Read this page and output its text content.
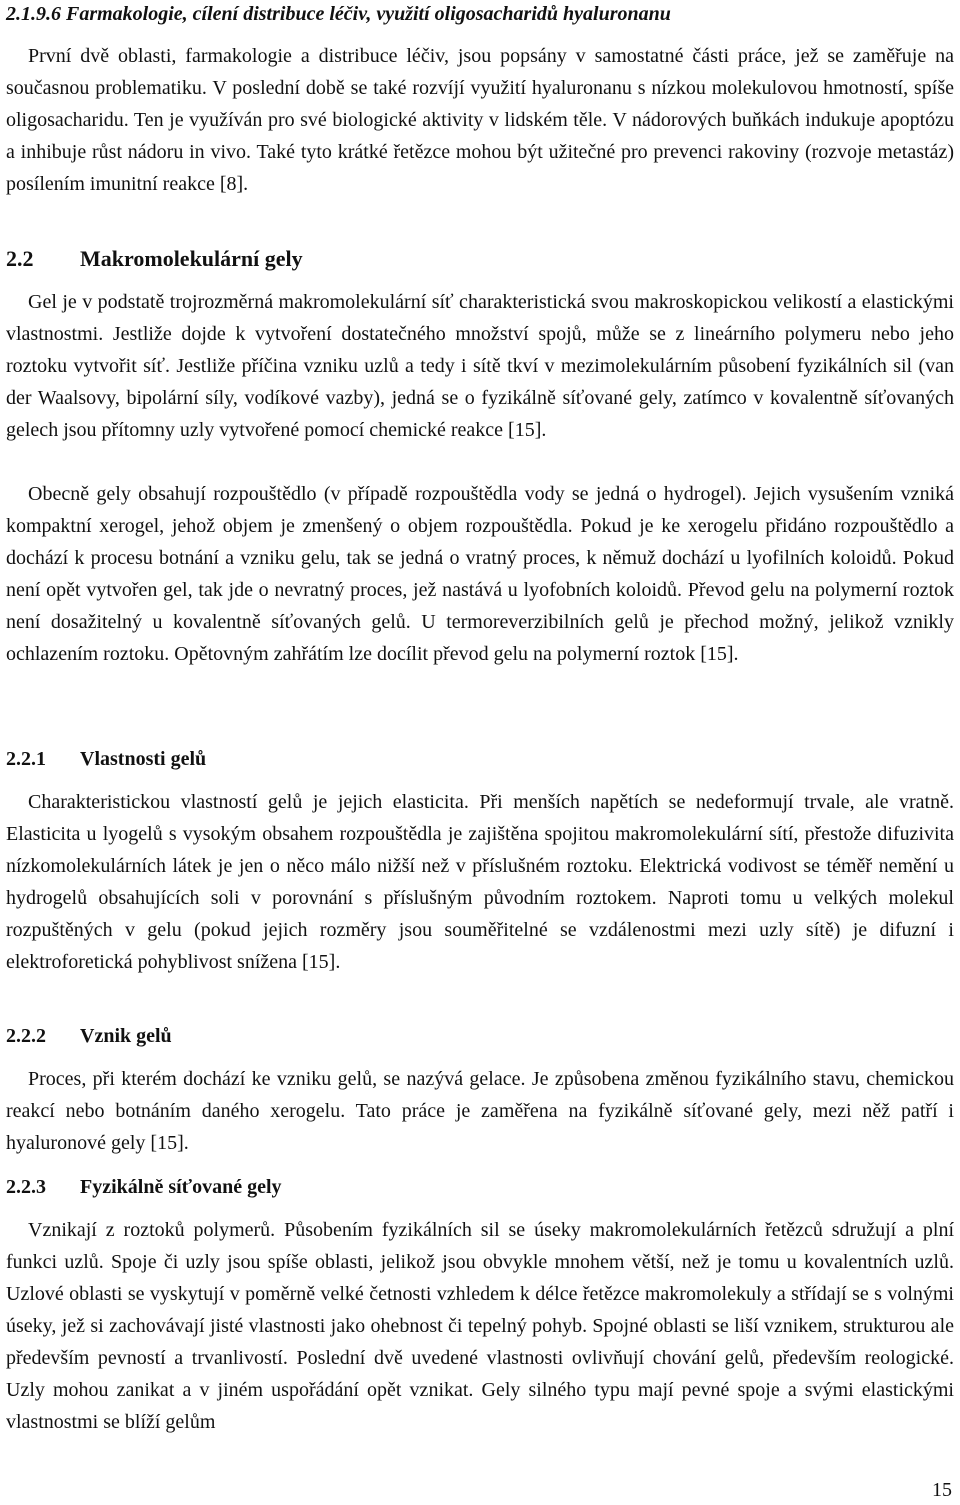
2.1.9.6 Farmakologie, cílení distribuce léčiv, využití oligosacharidů hyaluronanu

První dvě oblasti, farmakologie a distribuce léčiv, jsou popsány v samostatné části práce, jež se zaměřuje na současnou problematiku. V poslední době se také rozvíjí využití hyaluronanu s nízkou molekulovou hmotností, spíše oligosacharidu. Ten je využíván pro své biologické aktivity v lidském těle. V nádorových buňkách indukuje apoptózu a inhibuje růst nádoru in vivo. Také tyto krátké řetězce mohou být užitečné pro prevenci rakoviny (rozvoje metastáz) posílením imunitní reakce [8].

2.2 Makromolekulární gely

Gel je v podstatě trojrozměrná makromolekulární síť charakteristická svou makroskopickou velikostí a elastickými vlastnostmi. Jestliže dojde k vytvoření dostatečného množství spojů, může se z lineárního polymeru nebo jeho roztoku vytvořit síť. Jestliže příčina vzniku uzlů a tedy i sítě tkví v mezimolekulárním působení fyzikálních sil (van der Waalsovy, bipolární síly, vodíkové vazby), jedná se o fyzikálně síťované gely, zatímco v kovalentně síťovaných gelech jsou přítomny uzly vytvořené pomocí chemické reakce [15].

Obecně gely obsahují rozpouštědlo (v případě rozpouštědla vody se jedná o hydrogel). Jejich vysušením vzniká kompaktní xerogel, jehož objem je zmenšený o objem rozpouštědla. Pokud je ke xerogelu přidáno rozpouštědlo a dochází k procesu botnání a vzniku gelu, tak se jedná o vratný proces, k němuž dochází u lyofilních koloidů. Pokud není opět vytvořen gel, tak jde o nevratný proces, jež nastává u lyofobních koloidů. Převod gelu na polymerní roztok není dosažitelný u kovalentně síťovaných gelů. U termoreverzibilních gelů je přechod možný, jelikož vznikly ochlazením roztoku. Opětovným zahřátím lze docílit převod gelu na polymerní roztok [15].

2.2.1 Vlastnosti gelů

Charakteristickou vlastností gelů je jejich elasticita. Při menších napětích se nedeformují trvale, ale vratně. Elasticita u lyogelů s vysokým obsahem rozpouštědla je zajištěna spojitou makromolekulární sítí, přestože difuzivita nízkomolekulárních látek je jen o něco málo nižší než v příslušném roztoku. Elektrická vodivost se téměř nemění u hydrogelů obsahujících soli v porovnání s příslušným původním roztokem. Naproti tomu u velkých molekul rozpuštěných v gelu (pokud jejich rozměry jsou souměřitelné se vzdálenostmi mezi uzly sítě) je difuzní i elektroforetická pohyblivost snížena [15].

2.2.2 Vznik gelů

Proces, při kterém dochází ke vzniku gelů, se nazývá gelace. Je způsobena změnou fyzikálního stavu, chemickou reakcí nebo botnáním daného xerogelu. Tato práce je zaměřena na fyzikálně síťované gely, mezi něž patří i hyaluronové gely [15].

2.2.3 Fyzikálně síťované gely

Vznikají z roztoků polymerů. Působením fyzikálních sil se úseky makromolekulárních řetězců sdružují a plní funkci uzlů. Spoje či uzly jsou spíše oblasti, jelikož jsou obvykle mnohem větší, než je tomu u kovalentních uzlů. Uzlové oblasti se vyskytují v poměrně velké četnosti vzhledem k délce řetězce makromolekuly a střídají se s volnými úseky, jež si zachovávají jisté vlastnosti jako ohebnost či tepelný pohyb. Spojné oblasti se liší vznikem, strukturou ale především pevností a trvanlivostí. Poslední dvě uvedené vlastnosti ovlivňují chování gelů, především reologické. Uzly mohou zanikat a v jiném uspořádání opět vznikat. Gely silného typu mají pevné spoje a svými elastickými vlastnostmi se blíží gelům

15
